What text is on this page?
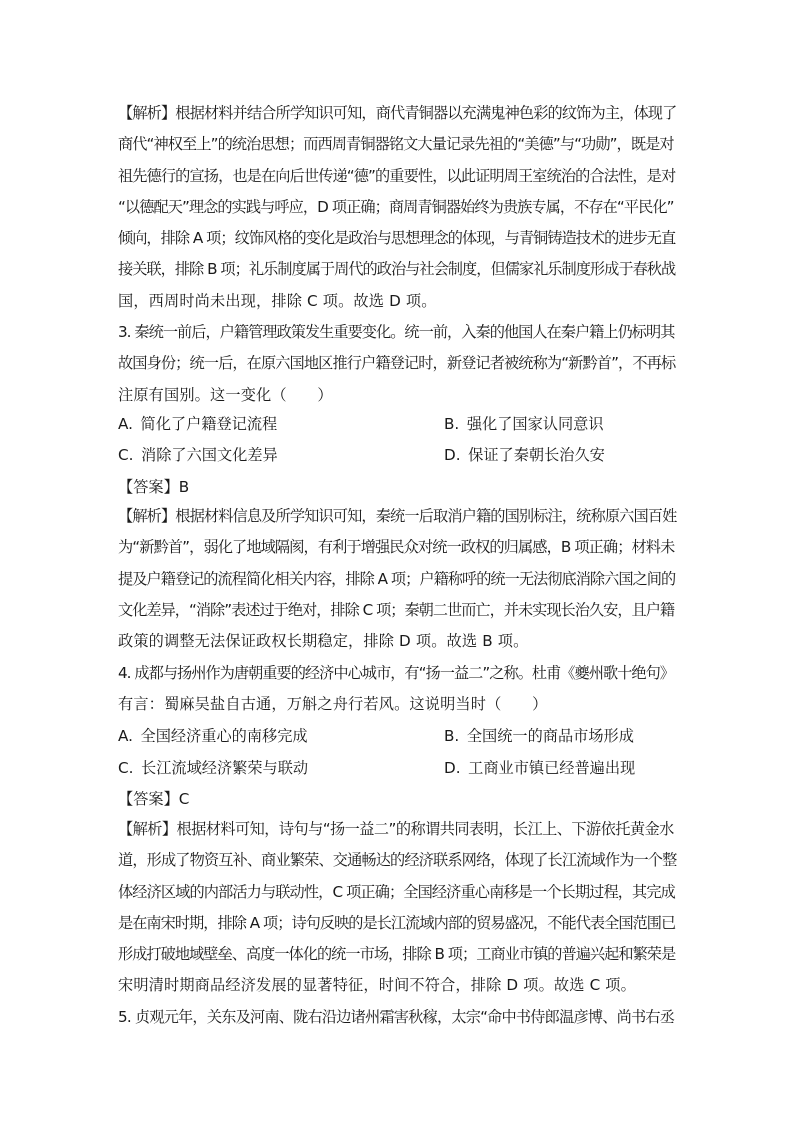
【解析】根据材料并结合所学知识可知，商代青铜器以充满鬼神色彩的纹饰为主，体现了
商代“神权至上”的统治思想；而西周青铜器铭文大量记录先祖的“美德”与“功勋”，既是对
祖先德行的宣扬，也是在向后世传递“德”的重要性，以此证明周王室统治的合法性，是对
“以德配天”理念的实践与呼应，D 项正确；商周青铜器始终为贵族专属，不存在“平民化”
倾向，排除 A 项；纹饰风格的变化是政治与思想理念的体现，与青铜铸造技术的进步无直
接关联，排除 B 项；礼乐制度属于周代的政治与社会制度，但儒家礼乐制度形成于春秋战
国，西周时尚未出现，排除 C 项。故选 D 项。
3. 秦统一前后，户籍管理政策发生重要变化。统一前，入秦的他国人在秦户籍上仍标明其
故国身份；统一后，在原六国地区推行户籍登记时，新登记者被统称为“新黔首”，不再标
注原有国别。这一变化（　　）
A.  简化了户籍登记流程	B.  强化了国家认同意识
C.  消除了六国文化差异	D.  保证了秦朝长治久安
【答案】B
【解析】根据材料信息及所学知识可知，秦统一后取消户籍的国别标注，统称原六国百姓
为“新黔首”，弱化了地域隔阂，有利于增强民众对统一政权的归属感，B 项正确；材料未
提及户籍登记的流程简化相关内容，排除 A 项；户籍称呼的统一无法彻底消除六国之间的
文化差异，“消除”表述过于绝对，排除 C 项；秦朝二世而亡，并未实现长治久安，且户籍
政策的调整无法保证政权长期稳定，排除 D 项。故选 B 项。
4. 成都与扬州作为唐朝重要的经济中心城市，有“扬一益二”之称。杜甫《夔州歌十绝句》
有言：蜀麻吴盐自古通，万斛之舟行若风。这说明当时（　　）
A.  全国经济重心的南移完成	B.  全国统一的商品市场形成
C.  长江流域经济繁荣与联动	D.  工商业市镇已经普遍出现
【答案】C
【解析】根据材料可知，诗句与“扬一益二”的称谓共同表明，长江上、下游依托黄金水
道，形成了物资互补、商业繁荣、交通畅达的经济联系网络，体现了长江流域作为一个整
体经济区域的内部活力与联动性，C 项正确；全国经济重心南移是一个长期过程，其完成
是在南宋时期，排除 A 项；诗句反映的是长江流域内部的贸易盛况，不能代表全国范围已
形成打破地域壁垒、高度一体化的统一市场，排除 B 项；工商业市镇的普遍兴起和繁荣是
宋明清时期商品经济发展的显著特征，时间不符合，排除 D 项。故选 C 项。
5. 贞观元年，关东及河南、陇右沿边诸州霜害秋稼，太宗“命中书侍郎温彦博、尚书右丞
